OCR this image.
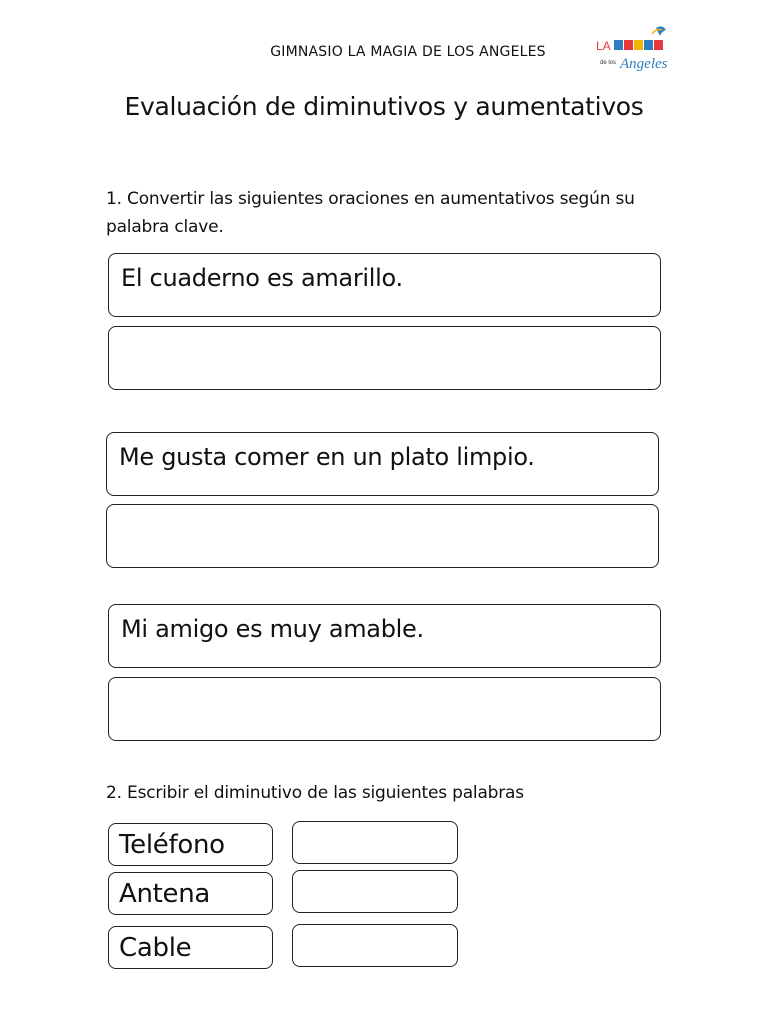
GIMNASIO LA MAGIA DE LOS ANGELES	LA
de los Angeles
Evaluación de diminutivos y aumentativos
1. Convertir las siguientes oraciones en aumentativos según su palabra clave.
El cuaderno es amarillo.
Me gusta comer en un plato limpio.
Mi amigo es muy amable.
2. Escribir el diminutivo de las siguientes palabras
Teléfono
Antena
Cable
